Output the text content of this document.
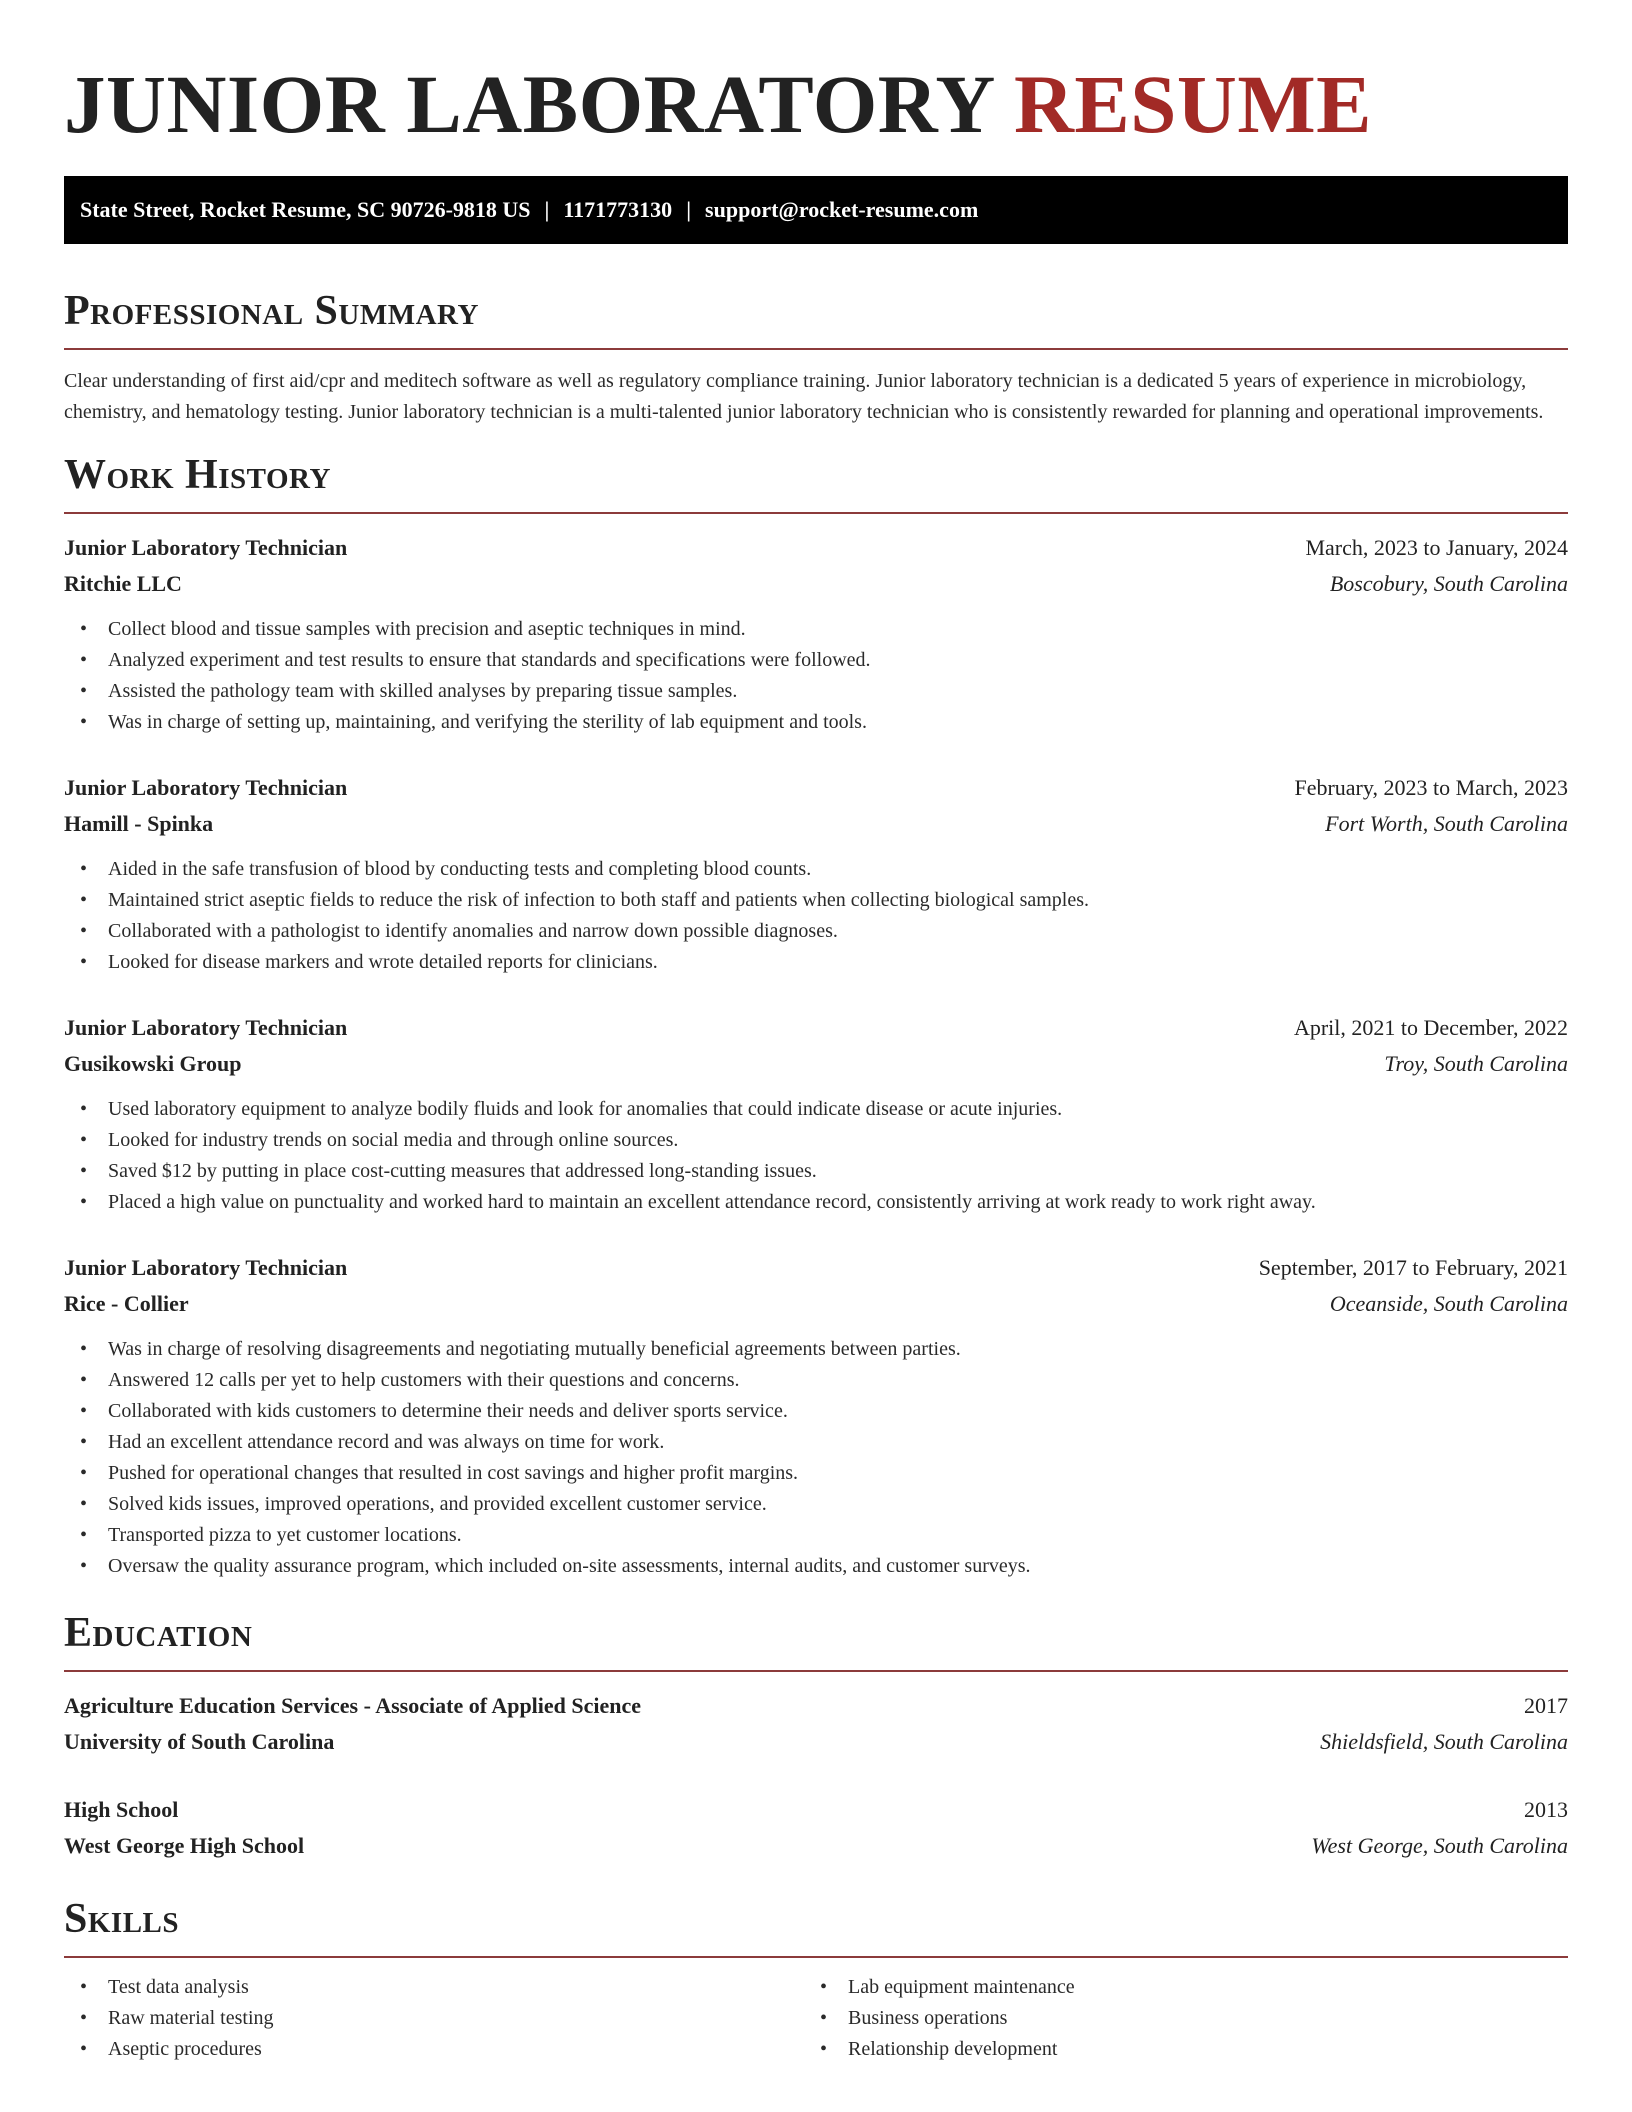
JUNIOR LABORATORY RESUME
State Street, Rocket Resume, SC 90726-9818 US | 1171773130 | support@rocket-resume.com
Professional Summary

Clear understanding of first aid/cpr and meditech software as well as regulatory compliance training. Junior laboratory technician is a dedicated 5 years of experience in microbiology, chemistry, and hematology testing. Junior laboratory technician is a multi-talented junior laboratory technician who is consistently rewarded for planning and operational improvements.

Work History
Junior Laboratory Technician	March, 2023 to January, 2024
Ritchie LLC	Boscobury, South Carolina
• Collect blood and tissue samples with precision and aseptic techniques in mind.
• Analyzed experiment and test results to ensure that standards and specifications were followed.
• Assisted the pathology team with skilled analyses by preparing tissue samples.
• Was in charge of setting up, maintaining, and verifying the sterility of lab equipment and tools.
Junior Laboratory Technician	February, 2023 to March, 2023
Hamill - Spinka	Fort Worth, South Carolina
• Aided in the safe transfusion of blood by conducting tests and completing blood counts.
• Maintained strict aseptic fields to reduce the risk of infection to both staff and patients when collecting biological samples.
• Collaborated with a pathologist to identify anomalies and narrow down possible diagnoses.
• Looked for disease markers and wrote detailed reports for clinicians.
Junior Laboratory Technician	April, 2021 to December, 2022
Gusikowski Group	Troy, South Carolina
• Used laboratory equipment to analyze bodily fluids and look for anomalies that could indicate disease or acute injuries.
• Looked for industry trends on social media and through online sources.
• Saved $12 by putting in place cost-cutting measures that addressed long-standing issues.
• Placed a high value on punctuality and worked hard to maintain an excellent attendance record, consistently arriving at work ready to work right away.
Junior Laboratory Technician	September, 2017 to February, 2021
Rice - Collier	Oceanside, South Carolina
• Was in charge of resolving disagreements and negotiating mutually beneficial agreements between parties.
• Answered 12 calls per yet to help customers with their questions and concerns.
• Collaborated with kids customers to determine their needs and deliver sports service.
• Had an excellent attendance record and was always on time for work.
• Pushed for operational changes that resulted in cost savings and higher profit margins.
• Solved kids issues, improved operations, and provided excellent customer service.
• Transported pizza to yet customer locations.
• Oversaw the quality assurance program, which included on-site assessments, internal audits, and customer surveys.
Education
Agriculture Education Services - Associate of Applied Science	2017
University of South Carolina	Shieldsfield, South Carolina
High School	2013
West George High School	West George, South Carolina
Skills
• Test data analysis
• Raw material testing
• Aseptic procedures
• Lab equipment maintenance
• Business operations
• Relationship development
